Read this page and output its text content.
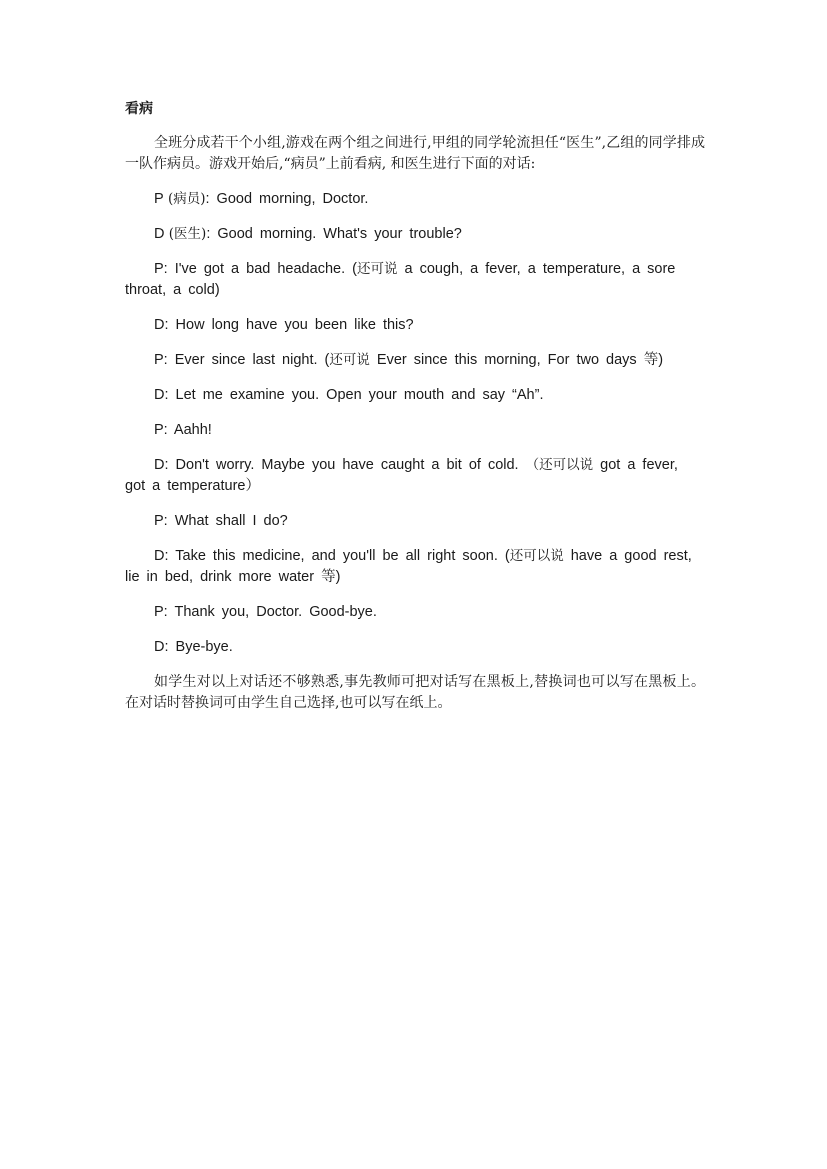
看病

全班分成若干个小组,游戏在两个组之间进行,甲组的同学轮流担任“医生”,乙组的同学排成一队作病员。游戏开始后,“病员”上前看病, 和医生进行下面的对话:

P (病员): Good morning, Doctor.

D (医生): Good morning. What's your trouble?

P: I've got a bad headache. (还可说 a cough, a fever, a temperature, a sore throat, a cold)

D: How long have you been like this?

P: Ever since last night. (还可说 Ever since this morning, For two days 等)

D: Let me examine you. Open your mouth and say “Ah”.

P: Aahh!

D: Don't worry. Maybe you have caught a bit of cold. （还可以说 got a fever, got a temperature）

P: What shall I do?

D: Take this medicine, and you'll be all right soon. (还可以说 have a good rest, lie in bed, drink more water 等)

P: Thank you, Doctor. Good-bye.

D: Bye-bye.

如学生对以上对话还不够熟悉,事先教师可把对话写在黑板上,替换词也可以写在黑板上。在对话时替换词可由学生自己选择,也可以写在纸上。
